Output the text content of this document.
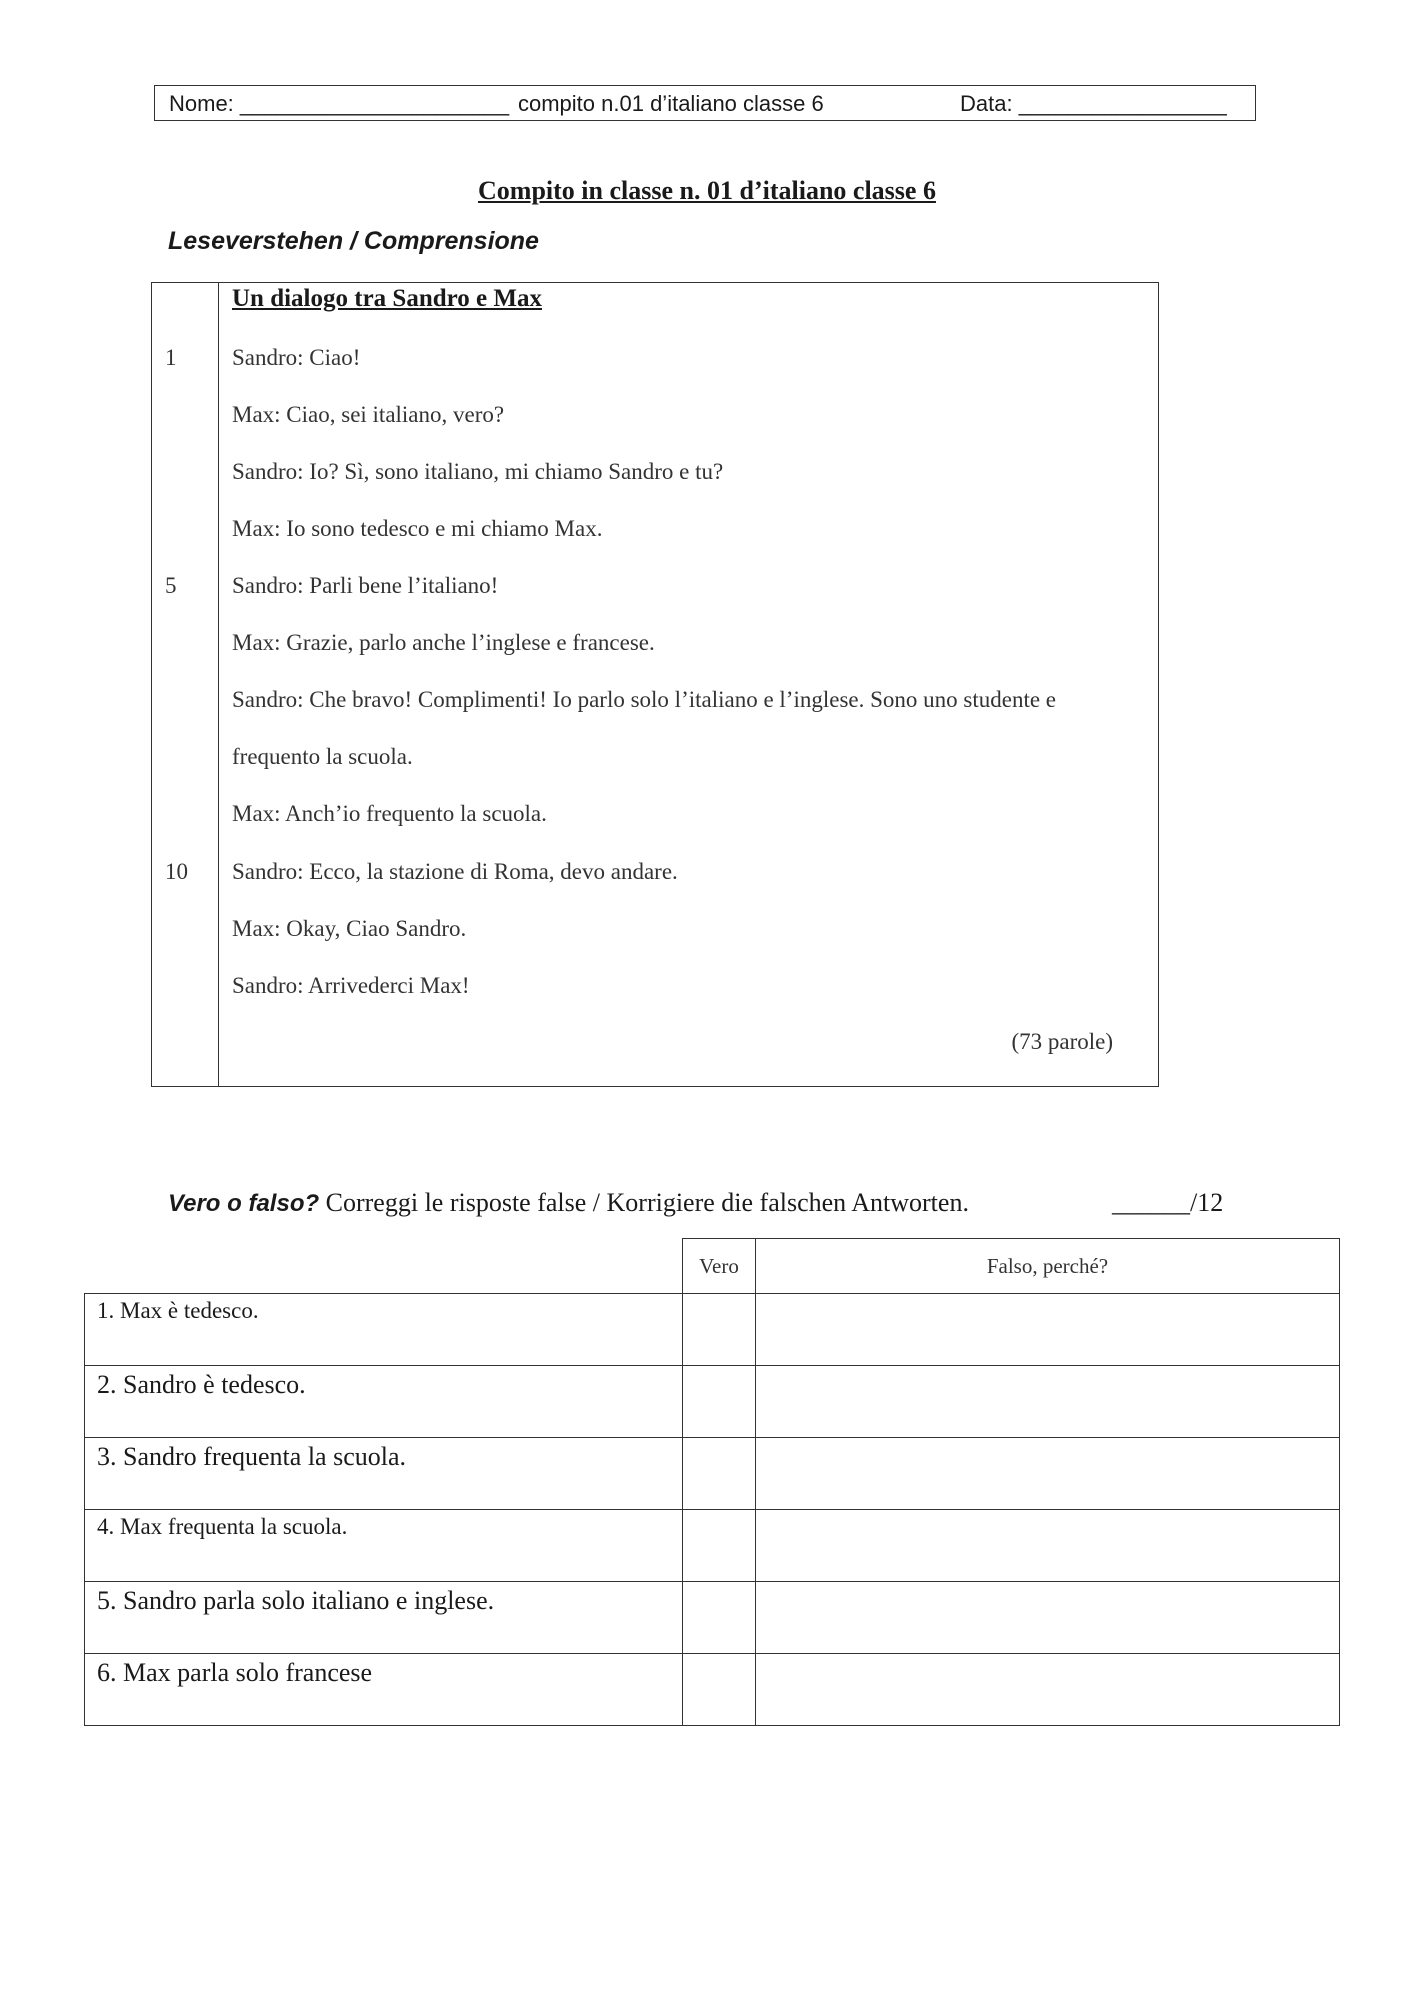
Nome: ______________________ compito n.01 d’italiano classe 6	Data: _________________
Compito in classe n. 01 d’italiano classe 6
Leseverstehen / Comprensione
1
5
10
Un dialogo tra Sandro e Max
Sandro: Ciao!
Max: Ciao, sei italiano, vero?
Sandro: Io? Sì, sono italiano, mi chiamo Sandro e tu?
Max: Io sono tedesco e mi chiamo Max.
Sandro: Parli bene l’italiano!
Max: Grazie, parlo anche l’inglese e francese.
Sandro: Che bravo! Complimenti! Io parlo solo l’italiano e l’inglese. Sono uno studente e
frequento la scuola.
Max: Anch’io frequento la scuola.
Sandro: Ecco, la stazione di Roma, devo andare.
Max: Okay, Ciao Sandro.
Sandro: Arrivederci Max!
(73 parole)
Vero o falso? Correggi le risposte false / Korrigiere die falschen Antworten.	______/12
	Vero	Falso, perché?
1. Max è tedesco.		
2. Sandro è tedesco.		
3. Sandro frequenta la scuola.		
4. Max frequenta la scuola.		
5. Sandro parla solo italiano e inglese.		
6. Max parla solo francese		
